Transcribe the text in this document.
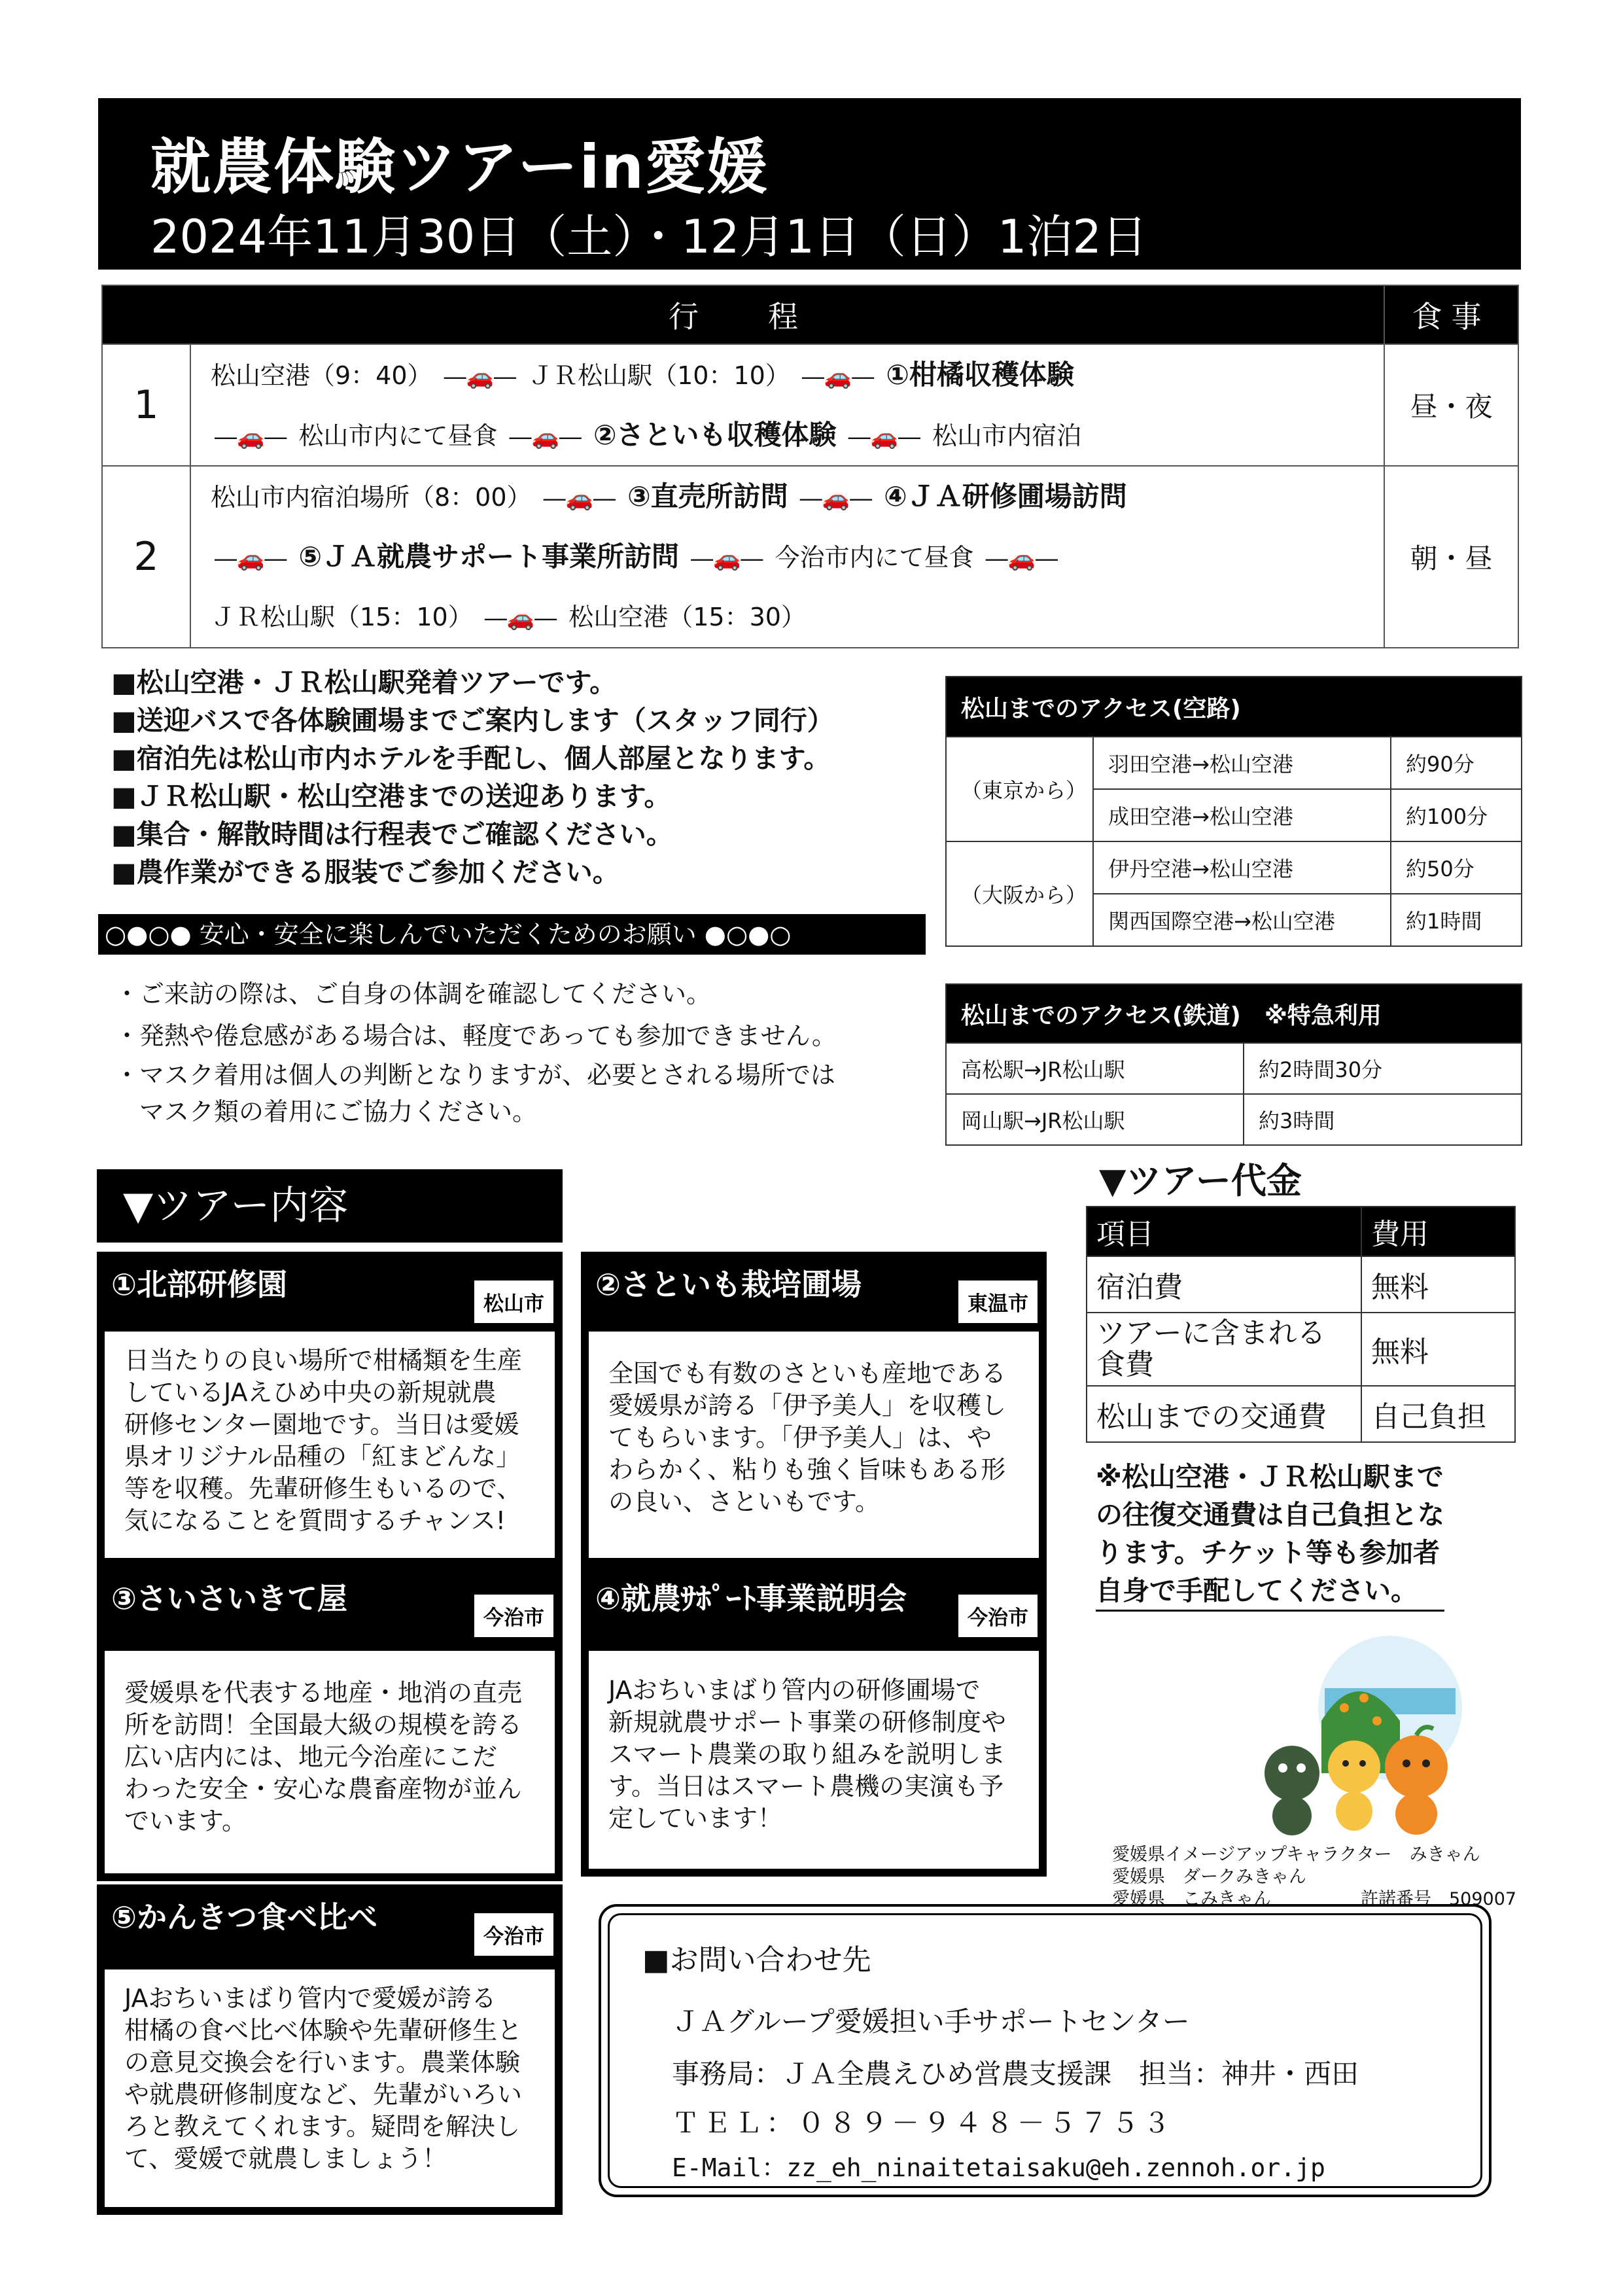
就農体験ツアーin愛媛
2024年11月30日（土）・12月1日（日）1泊2日
行　程		食事
1	松山空港（9：40） ―🚗― ＪＲ松山駅（10：10） ―🚗― ①柑橘収穫体験
―🚗― 松山市内にて昼食 ―🚗― ②さといも収穫体験 ―🚗― 松山市内宿泊	昼・夜
2	松山市内宿泊場所（8：00） ―🚗― ③直売所訪問 ―🚗― ④ＪＡ研修圃場訪問
―🚗― ⑤ＪＡ就農サポート事業所訪問 ―🚗― 今治市内にて昼食 ―🚗―
ＪＲ松山駅（15：10） ―🚗― 松山空港（15：30）	朝・昼
■松山空港・ＪＲ松山駅発着ツアーです。
■送迎バスで各体験圃場までご案内します（スタッフ同行）
■宿泊先は松山市内ホテルを手配し、個人部屋となります。
■ＪＲ松山駅・松山空港までの送迎あります。
■集合・解散時間は行程表でご確認ください。
■農作業ができる服装でご参加ください。
松山までのアクセス(空路)		
（東京から）	羽田空港→松山空港	約90分
	成田空港→松山空港	約100分
（大阪から）	伊丹空港→松山空港	約50分
	関西国際空港→松山空港	約1時間
松山までのアクセス(鉄道)　※特急利用	
高松駅→JR松山駅	約2時間30分
岡山駅→JR松山駅	約3時間
○●○● 安心・安全に楽しんでいただくためのお願い ●○●○
・ご来訪の際は、ご自身の体調を確認してください。
・発熱や倦怠感がある場合は、軽度であっても参加できません。
・マスク着用は個人の判断となりますが、必要とされる場所では
　マスク類の着用にご協力ください。
▼ツアー内容
①北部研修園
松山市
日当たりの良い場所で柑橘類を生産
しているJAえひめ中央の新規就農
研修センター園地です。当日は愛媛
県オリジナル品種の「紅まどんな」
等を収穫。先輩研修生もいるので、
気になることを質問するチャンス!
②さといも栽培圃場
東温市
全国でも有数のさといも産地である
愛媛県が誇る「伊予美人」を収穫し
てもらいます。「伊予美人」は、や
わらかく、粘りも強く旨味もある形
の良い、さといもです。
③さいさいきて屋
今治市
愛媛県を代表する地産・地消の直売
所を訪問！全国最大級の規模を誇る
広い店内には、地元今治産にこだ
わった安全・安心な農畜産物が並ん
でいます。
④就農ｻﾎﾟｰﾄ事業説明会
今治市
JAおちいまばり管内の研修圃場で
新規就農サポート事業の研修制度や
スマート農業の取り組みを説明しま
す。当日はスマート農機の実演も予
定しています！
⑤かんきつ食べ比べ
今治市
JAおちいまばり管内で愛媛が誇る
柑橘の食べ比べ体験や先輩研修生と
の意見交換会を行います。農業体験
や就農研修制度など、先輩がいろい
ろと教えてくれます。疑問を解決し
て、愛媛で就農しましょう！
▼ツアー代金
項目	費用
宿泊費	無料

ツアーに含まれる
食費	無料
松山までの交通費	自己負担
※松山空港・ＪＲ松山駅まで
の往復交通費は自己負担とな
ります。チケット等も参加者
自身で手配してください。
愛媛県イメージアップキャラクター　みきゃん
愛媛県　ダークみきゃん
愛媛県　こみきゃん	許諾番号　509007
■お問い合わせ先
ＪＡグループ愛媛担い手サポートセンター
事務局：ＪＡ全農えひめ営農支援課　担当：神井・西田
ＴＥＬ：０８９－９４８－５７５３
E-Mail：zz_eh_ninaitetaisaku@eh.zennoh.or.jp
